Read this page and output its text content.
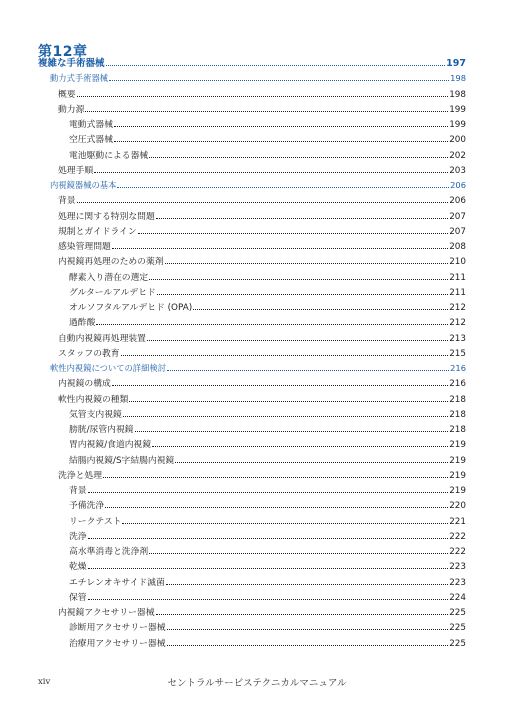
第12章
複雑な手術器械	197
動力式手術器械	198
概要	198
動力源	199
電動式器械	199
空圧式器械	200
電池駆動による器械	202
処理手順	203
内視鏡器械の基本	206
背景	206
処理に関する特別な問題	207
規制とガイドライン	207
感染管理問題	208
内視鏡再処理のための薬剤	210
酵素入り潜在の選定	211
グルタールアルデヒド	211
オルソフタルアルデヒド (OPA)	212
過酢酸	212
自動内視鏡再処理装置	213
スタッフの教育	215
軟性内視鏡についての詳細検討	216
内視鏡の構成	216
軟性内視鏡の種類	218
気管支内視鏡	218
膀胱/尿管内視鏡	218
胃内視鏡/食道内視鏡	219
結腸内視鏡/S字結腸内視鏡	219
洗浄と処理	219
背景	219
予備洗浄	220
リークテスト	221
洗浄	222
高水準消毒と洗浄剤	222
乾燥	223
エチレンオキサイド滅菌	223
保管	224
内視鏡アクセサリー器械	225
診断用アクセサリー器械	225
治療用アクセサリー器械	225
xiv	セントラルサービステクニカルマニュアル
